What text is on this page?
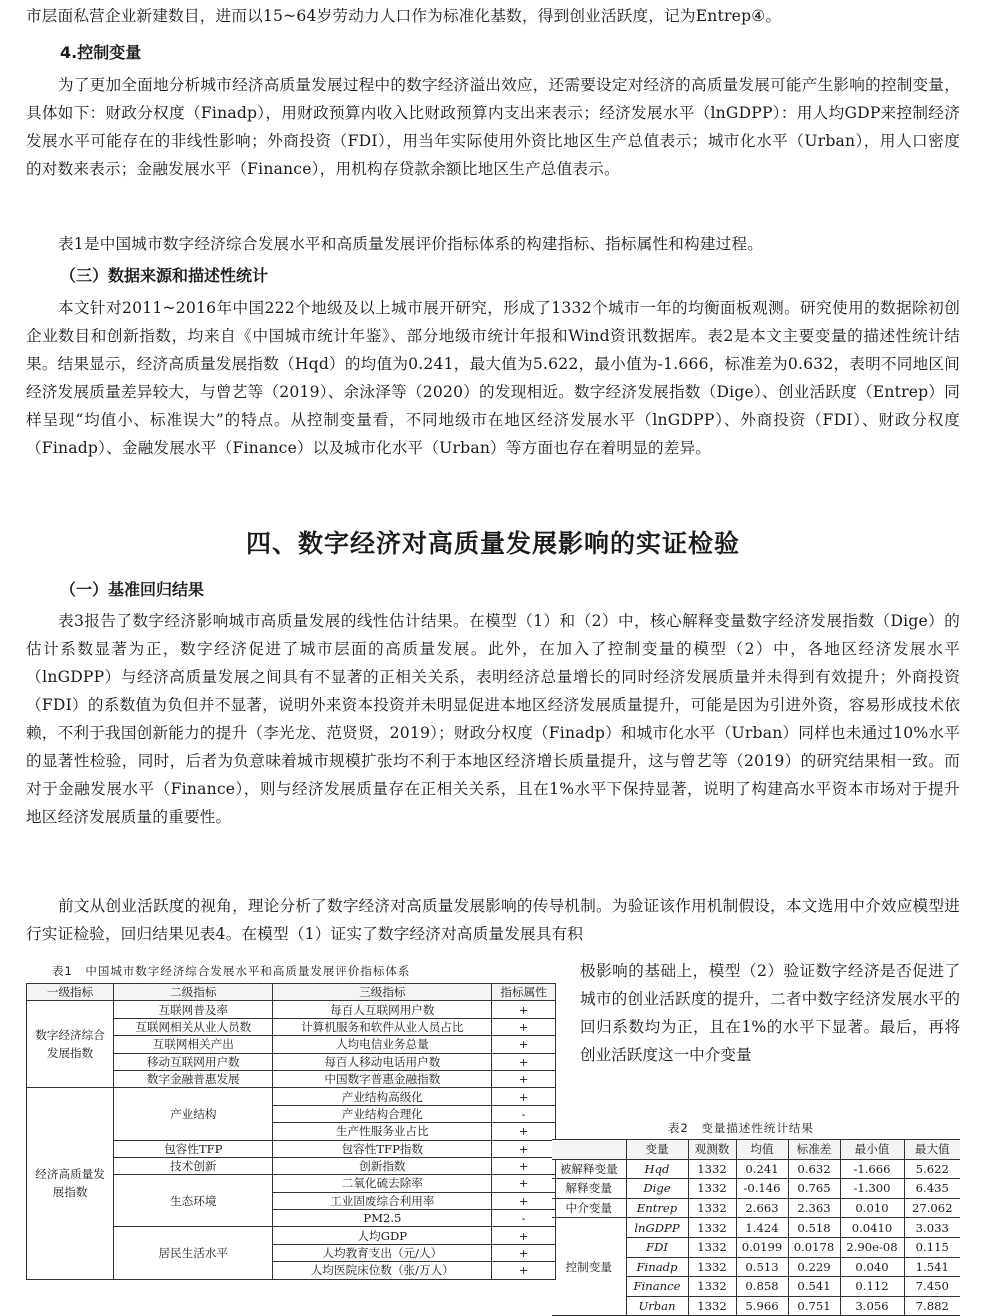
市层面私营企业新建数目，进而以15~64岁劳动力人口作为标准化基数，得到创业活跃度，记为Entrep④。

4.控制变量

为了更加全面地分析城市经济高质量发展过程中的数字经济溢出效应，还需要设定对经济的高质量发展可能产生影响的控制变量，具体如下：财政分权度（Finadp），用财政预算内收入比财政预算内支出来表示；经济发展水平（lnGDPP）：用人均GDP来控制经济发展水平可能存在的非线性影响；外商投资（FDI），用当年实际使用外资比地区生产总值表示；城市化水平（Urban），用人口密度的对数来表示；金融发展水平（Finance），用机构存贷款余额比地区生产总值表示。

表1是中国城市数字经济综合发展水平和高质量发展评价指标体系的构建指标、指标属性和构建过程。

（三）数据来源和描述性统计

本文针对2011~2016年中国222个地级及以上城市展开研究，形成了1332个城市一年的均衡面板观测。研究使用的数据除初创企业数目和创新指数，均来自《中国城市统计年鉴》、部分地级市统计年报和Wind资讯数据库。表2是本文主要变量的描述性统计结果。结果显示，经济高质量发展指数（Hqd）的均值为0.241，最大值为5.622，最小值为-1.666，标准差为0.632，表明不同地区间经济发展质量差异较大，与曾艺等（2019）、余泳泽等（2020）的发现相近。数字经济发展指数（Dige）、创业活跃度（Entrep）同样呈现“均值小、标准误大”的特点。从控制变量看，不同地级市在地区经济发展水平（lnGDPP）、外商投资（FDI）、财政分权度（Finadp）、金融发展水平（Finance）以及城市化水平（Urban）等方面也存在着明显的差异。

四、数字经济对高质量发展影响的实证检验

（一）基准回归结果

表3报告了数字经济影响城市高质量发展的线性估计结果。在模型（1）和（2）中，核心解释变量数字经济发展指数（Dige）的估计系数显著为正，数字经济促进了城市层面的高质量发展。此外，在加入了控制变量的模型（2）中，各地区经济发展水平（lnGDPP）与经济高质量发展之间具有不显著的正相关关系，表明经济总量增长的同时经济发展质量并未得到有效提升；外商投资（FDI）的系数值为负但并不显著，说明外来资本投资并未明显促进本地区经济发展质量提升，可能是因为引进外资，容易形成技术依赖，不利于我国创新能力的提升（李光龙、范贤贤，2019）；财政分权度（Finadp）和城市化水平（Urban）同样也未通过10%水平的显著性检验，同时，后者为负意味着城市规模扩张均不利于本地区经济增长质量提升，这与曾艺等（2019）的研究结果相一致。而对于金融发展水平（Finance），则与经济发展质量存在正相关关系，且在1%水平下保持显著，说明了构建高水平资本市场对于提升地区经济发展质量的重要性。

前文从创业活跃度的视角，理论分析了数字经济对高质量发展影响的传导机制。为验证该作用机制假设，本文选用中介效应模型进行实证检验，回归结果见表4。在模型（1）证实了数字经济对高质量发展具有积

表1　中国城市数字经济综合发展水平和高质量发展评价指标体系

一级指标	二级指标	三级指标	指标属性
数字经济综合发展指数	互联网普及率	每百人互联网用户数	+
	互联网相关从业人员数	计算机服务和软件从业人员占比	+
	互联网相关产出	人均电信业务总量	+
	移动互联网用户数	每百人移动电话用户数	+
	数字金融普惠发展	中国数字普惠金融指数	+
经济高质量发展指数	产业结构	产业结构高级化	+
		产业结构合理化	-
		生产性服务业占比	+
	包容性TFP	包容性TFP指数	+
	技术创新	创新指数	+
	生态环境	二氧化硫去除率	+
		工业固废综合利用率	+
		PM2.5	-
	居民生活水平	人均GDP	+
		人均教育支出（元/人）	+
		人均医院床位数（张/万人）	+

极影响的基础上，模型（2）验证数字经济是否促进了城市的创业活跃度的提升，二者中数字经济发展水平的回归系数均为正，且在1%的水平下显著。最后，再将创业活跃度这一中介变量

表2　变量描述性统计结果

	变量	观测数	均值	标准差	最小值	最大值
被解释变量	Hqd	1332	0.241	0.632	-1.666	5.622
解释变量	Dige	1332	-0.146	0.765	-1.300	6.435
中介变量	Entrep	1332	2.663	2.363	0.010	27.062
控制变量	lnGDPP	1332	1.424	0.518	0.0410	3.033
	FDI	1332	0.0199	0.0178	2.90e-08	0.115
	Finadp	1332	0.513	0.229	0.040	1.541
	Finance	1332	0.858	0.541	0.112	7.450
	Urban	1332	5.966	0.751	3.056	7.882
